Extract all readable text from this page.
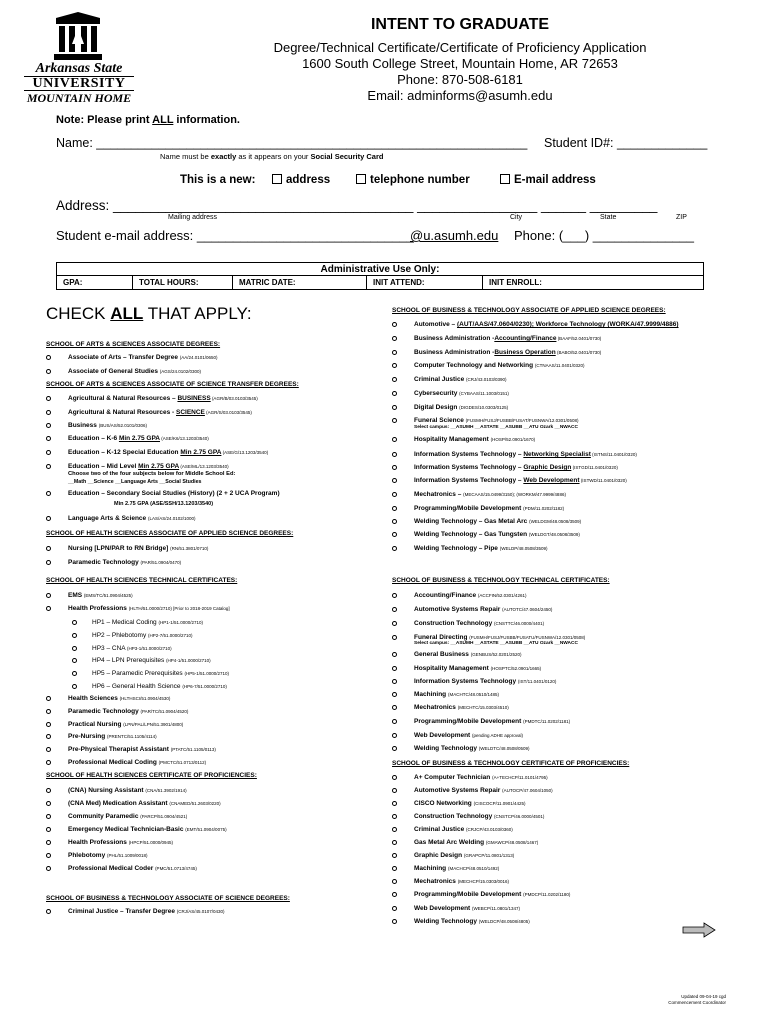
Arkansas State
UNIVERSITY
MOUNTAIN HOME
INTENT TO GRADUATE
Degree/Technical Certificate/Certificate of Proficiency Application
1600 South College Street, Mountain Home, AR 72653
Phone: 870-508-6181
Email: adminforms@asumh.edu
Note: Please print ALL information.
Name: ______________________________________________________________ Student ID#: _____________
Name must be exactly as it appears on your Social Security Card
This is a new:	address	telephone number	E-mail address
Address: ________________________________________ ________________ ______ _________
Mailing address	City	State	ZIP
Student e-mail address: ______________________________
@u.asumh.edu Phone: (___) ______________
Administrative Use Only:
GPA:	TOTAL HOURS:	MATRIC DATE:	INIT ATTEND:	INIT ENROLL:
CHECK ALL THAT APPLY:
Updated 09-04-19 cgd
Commencement Coordinator
SCHOOL OF ARTS & SCIENCES ASSOCIATE DEGREES:
Associate of Arts – Transfer Degree (AA/24.0101/0650)
Associate of General Studies (AGS/24.0102/0300)
SCHOOL OF ARTS & SCIENCES ASSOCIATE OF SCIENCE TRANSFER DEGREES:
Agricultural & Natural Resources – BUSINESS (AGR/B/03.0103/3545)
Agricultural & Natural Resources - SCIENCE (AGR/S/03.0103/3545)
Business (BUS/AS/52.0101/0306)
Education – K-6 Min 2.75 GPA (ASE/K6/13.1203/3540)
Education – K-12 Special Education Min 2.75 GPA (ASE/G/13.1203/3540)
Education – Mid Level Min 2.75 GPA (ASE/ML/13.1203/3540)
Education – Secondary Social Studies (History) (2 + 2 UCA Program)
Language Arts & Science (LAS/AS/24.0102/1000)
Choose two of the four subjects below for Middle School Ed:
__Math __Science __Language Arts __Social Studies
Min 2.75 GPA (ASE/SSH/13.1203/3540)
SCHOOL OF HEALTH SCIENCES ASSOCIATE OF APPLIED SCIENCE DEGREES:
Nursing [LPN/PAR to RN Bridge] (RN/51.3801/0710)
Paramedic Technology (PAR/51.0904/0470)
SCHOOL OF HEALTH SCIENCES TECHNICAL CERTIFICATES:
EMS (EMS/TC/51.0904/4525)
Health Professions (HLTH/51.0000/2710) [Prior to 2018-2019 Catalog]
HP1 – Medical Coding (HP1-1/51.0000/2710)
HP2 – Phlebotomy (HP2-7/51.0000/2710)
HP3 – CNA (HP3-1/51.0000/2710)
HP4 – LPN Prerequisites (HP4-1/51.0000/2710)
HP5 – Paramedic Prerequisites (HP5-1/51.0000/2710)
HP6 – General Health Science (HP6-7/51.0000/2710)
Health Sciences (HLTHSCI/51.0904/4530)
Paramedic Technology (PAR/TC/51.0904/4520)
Practical Nursing (LPN/PAL/LPN/51.3901/4800)
Pre-Nursing (PRENTC/51.1105/4114)
Pre-Physical Therapist Assistant (PTATC/51.1105/0113)
Professional Medical Coding (PMCTC/51.0713/0112)
SCHOOL OF HEALTH SCIENCES CERTIFICATE OF PROFICIENCIES:
(CNA) Nursing Assistant (CNA/51.3902/1914)
(CNA Med) Medication Assistant (CNAMED/51.2603/0220)
Community Paramedic (PARCP/51.0904/4521)
Emergency Medical Technician-Basic (EMT/51.0904/0075)
Health Professions (HPCP/51.0000/0945)
Phlebotomy (PHL/51.1009/0018)
Professional Medical Coder (PMC/51.0713/4745)
SCHOOL OF BUSINESS & TECHNOLOGY ASSOCIATE OF SCIENCE DEGREES:
Criminal Justice – Transfer Degree (CRJ/AS/45.0107/0430)
SCHOOL OF BUSINESS & TECHNOLOGY ASSOCIATE OF APPLIED SCIENCE DEGREES:
Automotive – (AUT/AAS/47.0604/0230); Workforce Technology (WORKA/47.9999/4886)
Business Administration -Accounting/Finance (BAAF/52.0401/0730)
Business Administration -Business Operation (BABO/52.0401/0730)
Computer Technology and Networking (CTNAAS/11.0401/0320)
Criminal Justice (CRJ/43.0103/0390)
Cybersecurity (CYBAAS/11.1003/0151)
Digital Design (DIGDES/10.0303/0125)
Funeral Science (FUSMH/FUSJ/FUSBB/FUSAT/FUSNWA/12.0301/0508)
Hospitality Management (HOSP/52.0901/1670)
Information Systems Technology – Networking Specialist (ISTNS/11.0401/0320)
Information Systems Technology – Graphic Design (ISTGD/11.0401/0320)
Information Systems Technology – Web Development (ISTWD/11.0401/0320)
Mechatronics – (MECAAS/15.0499/3150); (WORKM/47.9999/4886)
Programming/Mobile Development (PDM/11.0202/1182)
Welding Technology – Gas Metal Arc (WELDGM/48.0508/3509)
Welding Technology – Gas Tungsten (WELDGT/48.0508/3509)
Welding Technology – Pipe (WELDP/48.0508/3509)
Select campus: __ASUMH __ASTATE __ASUBB __ATU Ozark __NWACC
SCHOOL OF BUSINESS & TECHNOLOGY TECHNICAL CERTIFICATES:
Accounting/Finance (ACCFIN/52.0301/4261)
Automotive Systems Repair (AUTOTC/47.0604/2450)
Construction Technology (CNSTTC/46.0000/4401)
Funeral Directing (FUSMH/FUSJ/FUSBB/FUSATU/FUSNWA/12.0301/0508)
General Business (GENBUS/52.0201/2520)
Hospitality Management (HOSPTC/52.0901/1665)
Information Systems Technology (IST/11.0401/0120)
Machining (MACHTC/48.0510/1485)
Mechatronics (MECHTC/15.0303/4510)
Programming/Mobile Development (PMDTC/11.0202/1181)
Web Development (pending ADHE approval)
Welding Technology (WELDTC/48.0508/0509)
Select campus: __ASUMH __ASTATE __ASUBB __ATU Ozark __NWACC
SCHOOL OF BUSINESS & TECHNOLOGY CERTIFICATE OF PROFICIENCIES:
A+ Computer Technician (A+TECHCP/11.0101/4795)
Automotive Systems Repair (AUTOCP/47.0604/1050)
CISCO Networking (CISCOCP/11.0901/4425)
Construction Technology (CNSTCP/46.0000/4501)
Criminal Justice (CRJCP/43.0103/0360)
Gas Metal Arc Welding (GMAWCP/48.0508/1467)
Graphic Design (GRAPCP/11.0801/1313)
Machining (MACHCP/48.0510/1492)
Mechatronics (MECHCP/15.0303/0016)
Programming/Mobile Development (PMDCP/11.0202/1180)
Web Development (WEBCP/11.0801/1347)
Welding Technology (WELDCP/48.0508/4805)
